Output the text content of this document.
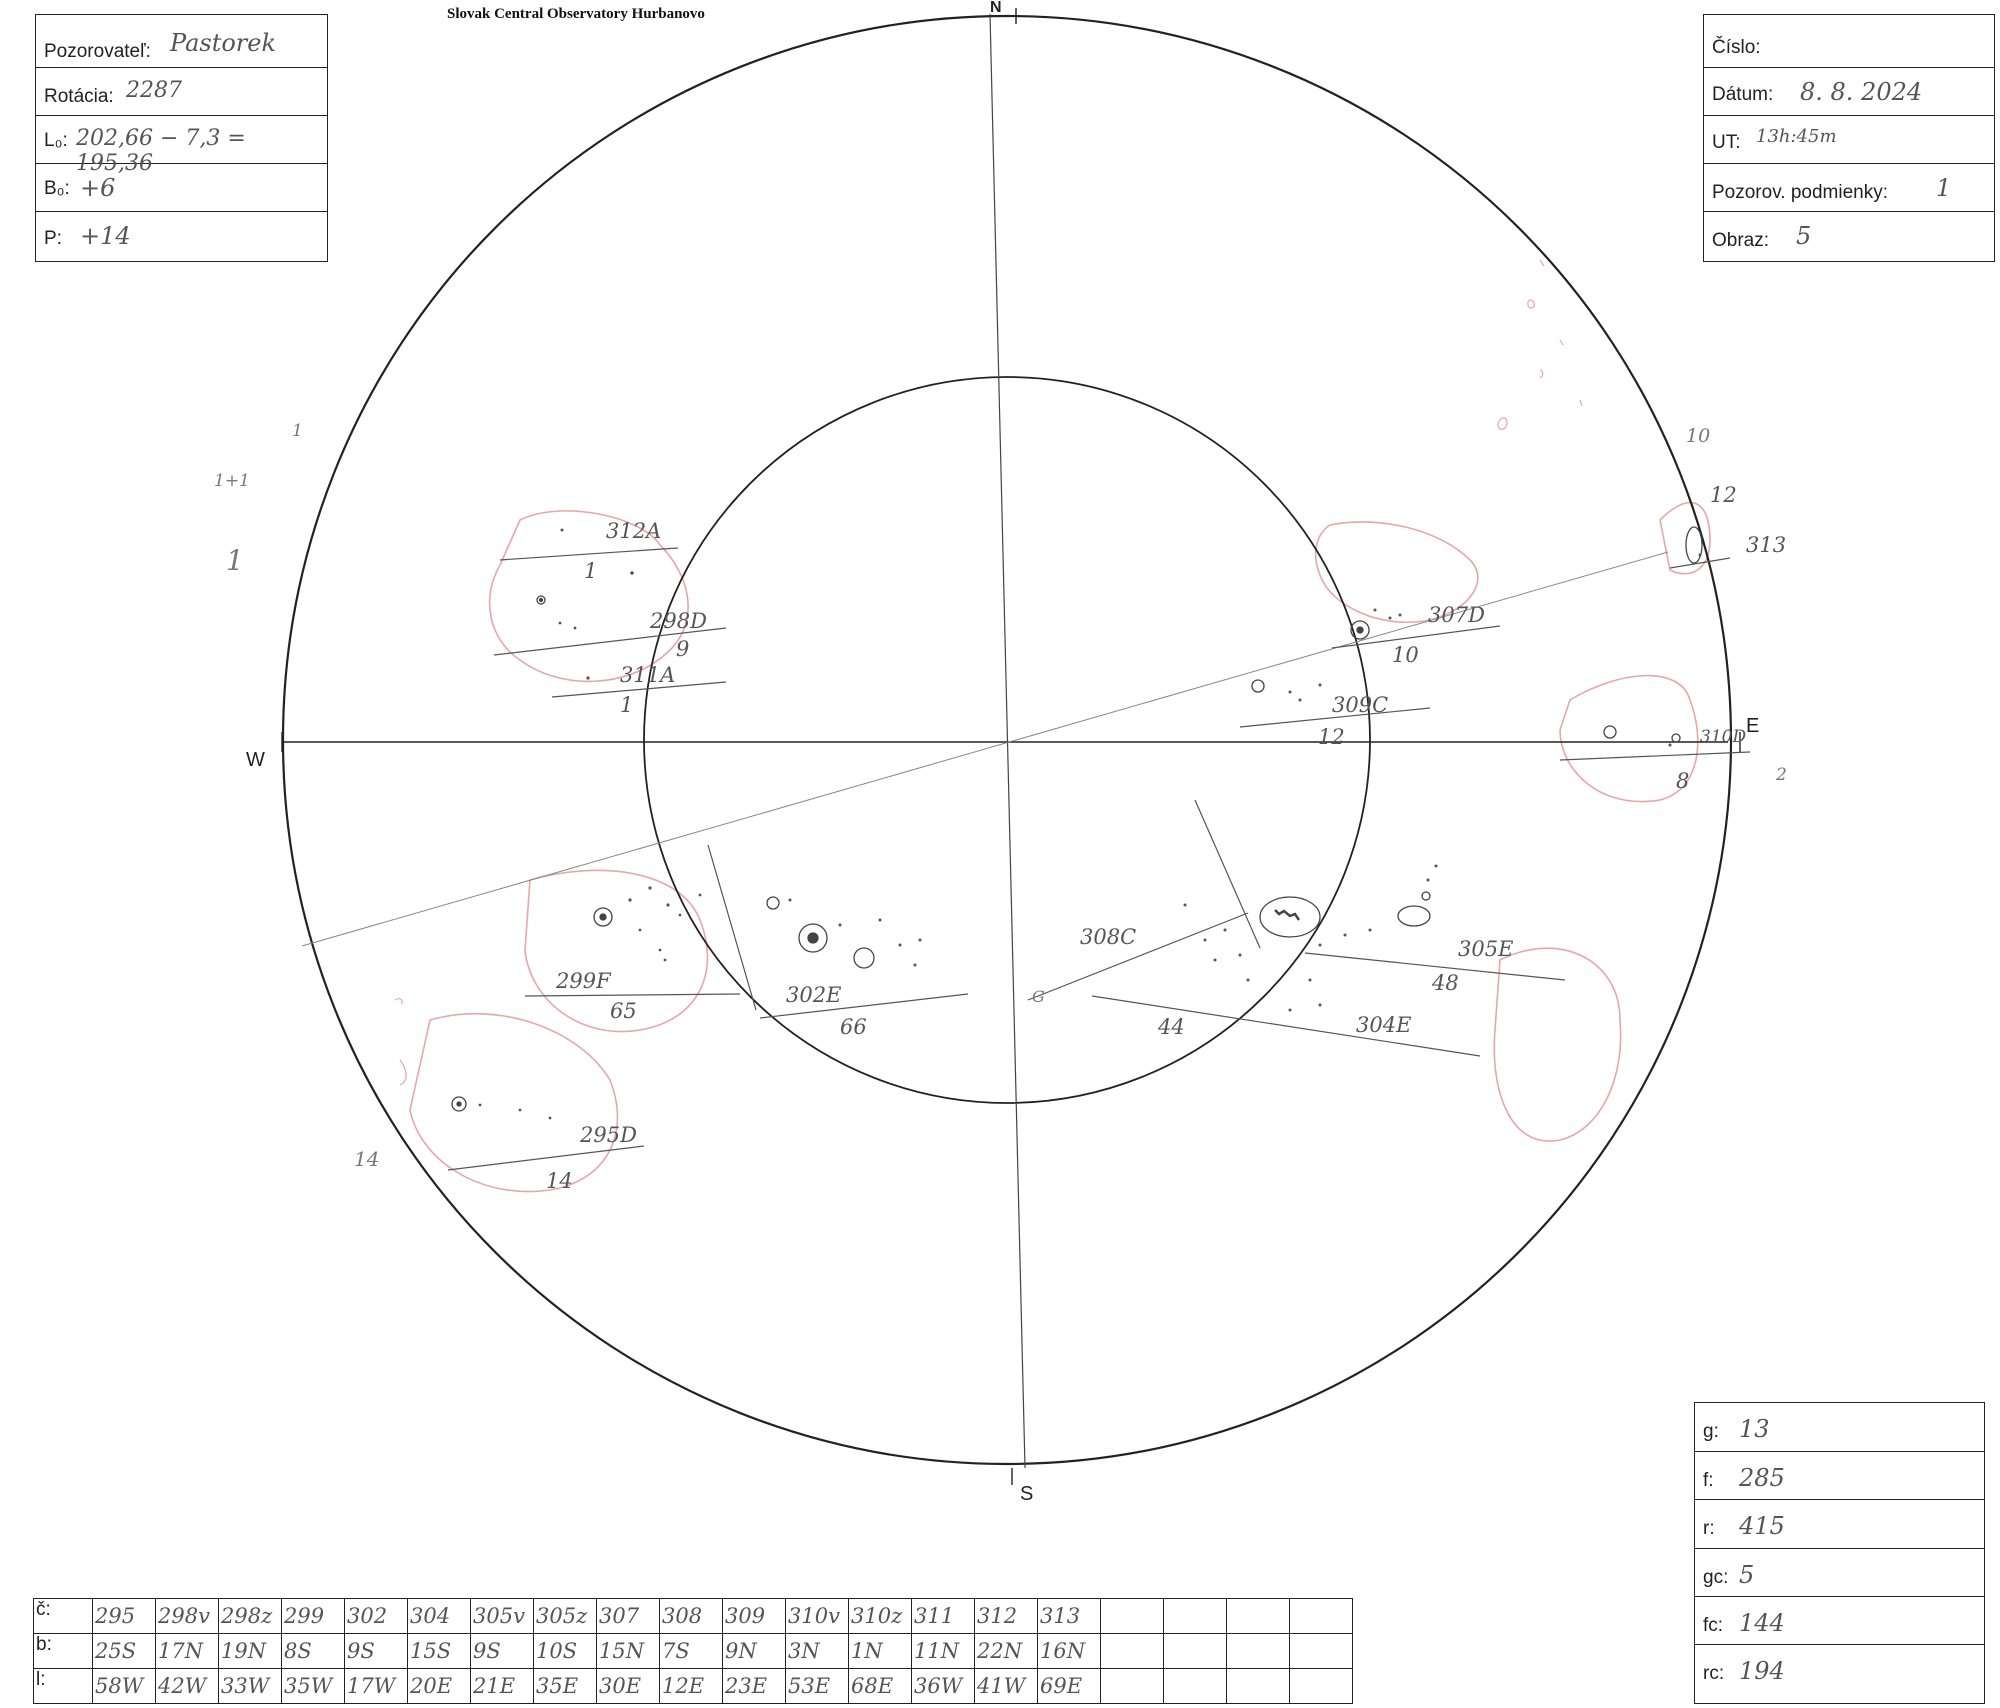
Slovak Central Observatory Hurbanovo
Pozorovateľ: Pastorek
Rotácia: 2287
L₀: 202,66 − 7,3 = 195,36
B₀: +6
P: +14
Číslo:
Dátum: 8. 8. 2024
UT: 13h:45m
Pozorov. podmienky: 1
Obraz: 5
N
S
E
W
312A
1
298D
9
311A
1
307D
10
309C
12	310D
8
313
12
299F
65
302E
66
308C
44
305E
48
304E
295D
14
1
1+1
1
10
2
14
G
g: 13
f: 285
r: 415
gc: 5
fc: 144
rc: 194
č:	295	298v	298z	299	302	304	305v	305z	307	308	309	310v	310z	311	312	313				
b:	25S	17N	19N	8S	9S	15S	9S	10S	15N	7S	9N	3N	1N	11N	22N	16N				
l:	58W	42W	33W	35W	17W	20E	21E	35E	30E	12E	23E	53E	68E	36W	41W	69E				
